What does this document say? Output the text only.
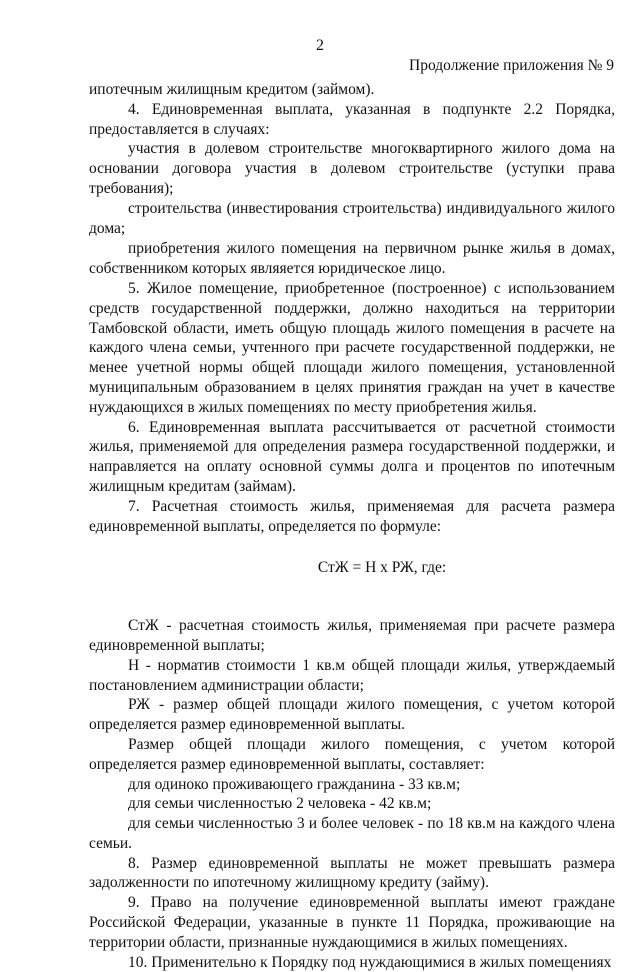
2
Продолжение приложения № 9

ипотечным жилищным кредитом (займом).

4. Единовременная выплата, указанная в подпункте 2.2 Порядка, предоставляется в случаях:

участия в долевом строительстве многоквартирного жилого дома на основании договора участия в долевом строительстве (уступки права требования);

строительства (инвестирования строительства) индивидуального жилого дома;

приобретения жилого помещения на первичном рынке жилья в домах, собственником которых являяется юридическое лицо.

5. Жилое помещение, приобретенное (построенное) с использованием средств государственной поддержки, должно находиться на территории Тамбовской области, иметь общую площадь жилого помещения в расчете на каждого члена семьи, учтенного при расчете государственной поддержки, не менее учетной нормы общей площади жилого помещения, установленной муниципальным образованием в целях принятия граждан на учет в качестве нуждающихся в жилых помещениях по месту приобретения жилья.

6. Единовременная выплата рассчитывается от расчетной стоимости жилья, применяемой для определения размера государственной поддержки, и направляется на оплату основной суммы долга и процентов по ипотечным жилищным кредитам (займам).

7. Расчетная стоимость жилья, применяемая для расчета размера единовременной выплаты, определяется по формуле:

СтЖ = Н х РЖ, где:

СтЖ - расчетная стоимость жилья, применяемая при расчете размера единовременной выплаты;

Н - норматив стоимости 1 кв.м общей площади жилья, утверждаемый постановлением администрации области;

РЖ - размер общей площади жилого помещения, с учетом которой определяется размер единовременной выплаты.

Размер общей площади жилого помещения, с учетом которой определяется размер единовременной выплаты, составляет:

для одиноко проживающего гражданина - 33 кв.м;

для семьи численностью 2 человека - 42 кв.м;

для семьи численностью 3 и более человек - по 18 кв.м на каждого члена семьи.

8. Размер единовременной выплаты не может превышать размера задолженности по ипотечному жилищному кредиту (займу).

9. Право на получение единовременной выплаты имеют граждане Российской Федерации, указанные в пункте 11 Порядка, проживающие на территории области, признанные нуждающимися в жилых помещениях.

10. Применительно к Порядку под нуждающимися в жилых помещениях
